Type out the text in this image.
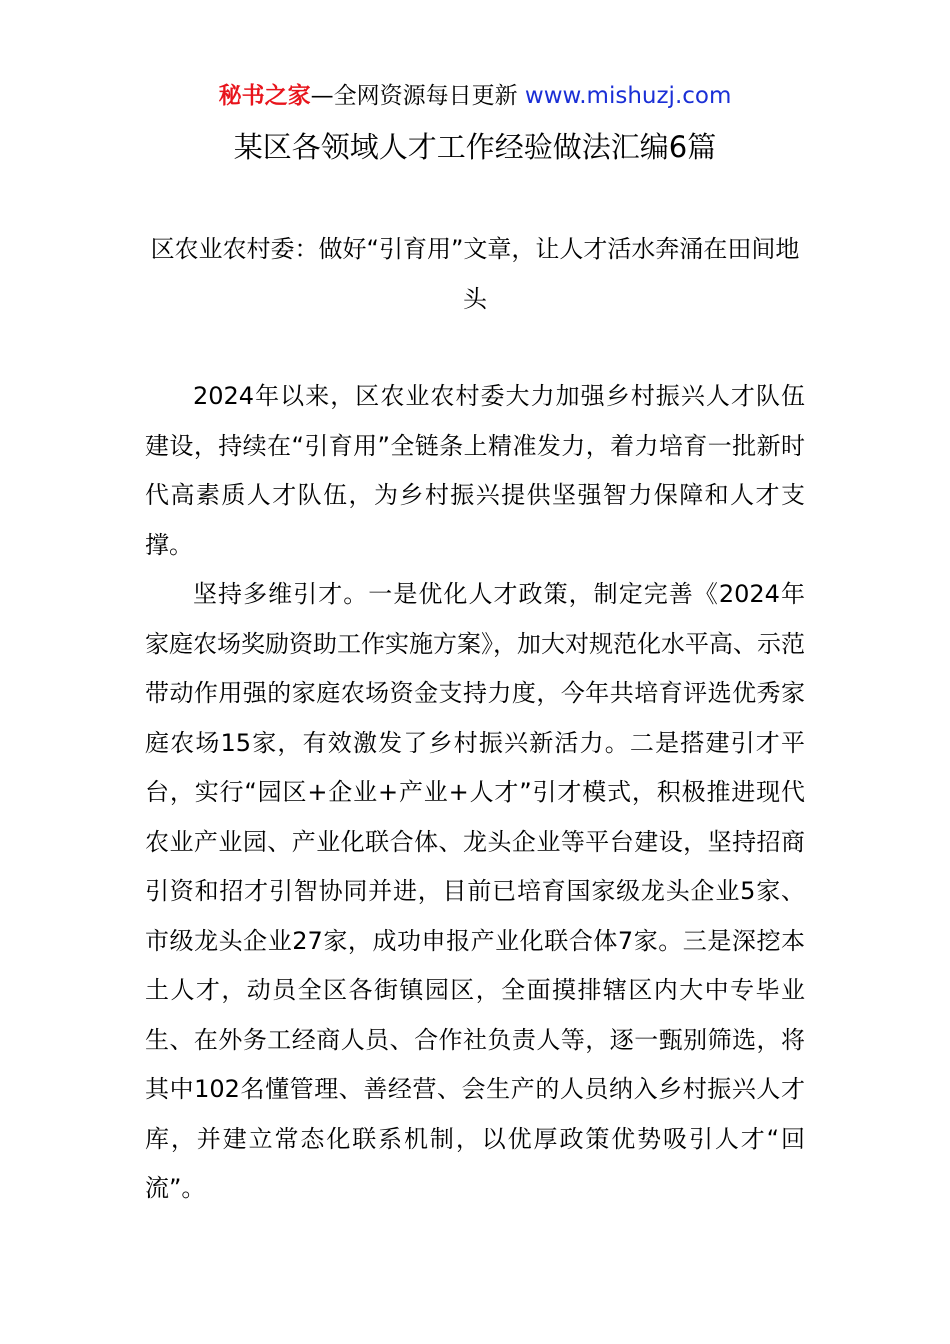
秘书之家—全网资源每日更新 www.mishuzj.com
某区各领域人才工作经验做法汇编6篇
区农业农村委：做好“引育用”文章，让人才活水奔涌在田间地头

2024年以来，区农业农村委大力加强乡村振兴人才队伍建设，持续在“引育用”全链条上精准发力，着力培育一批新时代高素质人才队伍，为乡村振兴提供坚强智力保障和人才支撑。

坚持多维引才。一是优化人才政策，制定完善《2024年家庭农场奖励资助工作实施方案》，加大对规范化水平高、示范带动作用强的家庭农场资金支持力度，今年共培育评选优秀家庭农场15家，有效激发了乡村振兴新活力。二是搭建引才平台，实行“园区+企业+产业+人才”引才模式，积极推进现代农业产业园、产业化联合体、龙头企业等平台建设，坚持招商引资和招才引智协同并进，目前已培育国家级龙头企业5家、市级龙头企业27家，成功申报产业化联合体7家。三是深挖本土人才，动员全区各街镇园区，全面摸排辖区内大中专毕业生、在外务工经商人员、合作社负责人等，逐一甄别筛选，将其中102名懂管理、善经营、会生产的人员纳入乡村振兴人才库，并建立常态化联系机制，以优厚政策优势吸引人才“回流”。
